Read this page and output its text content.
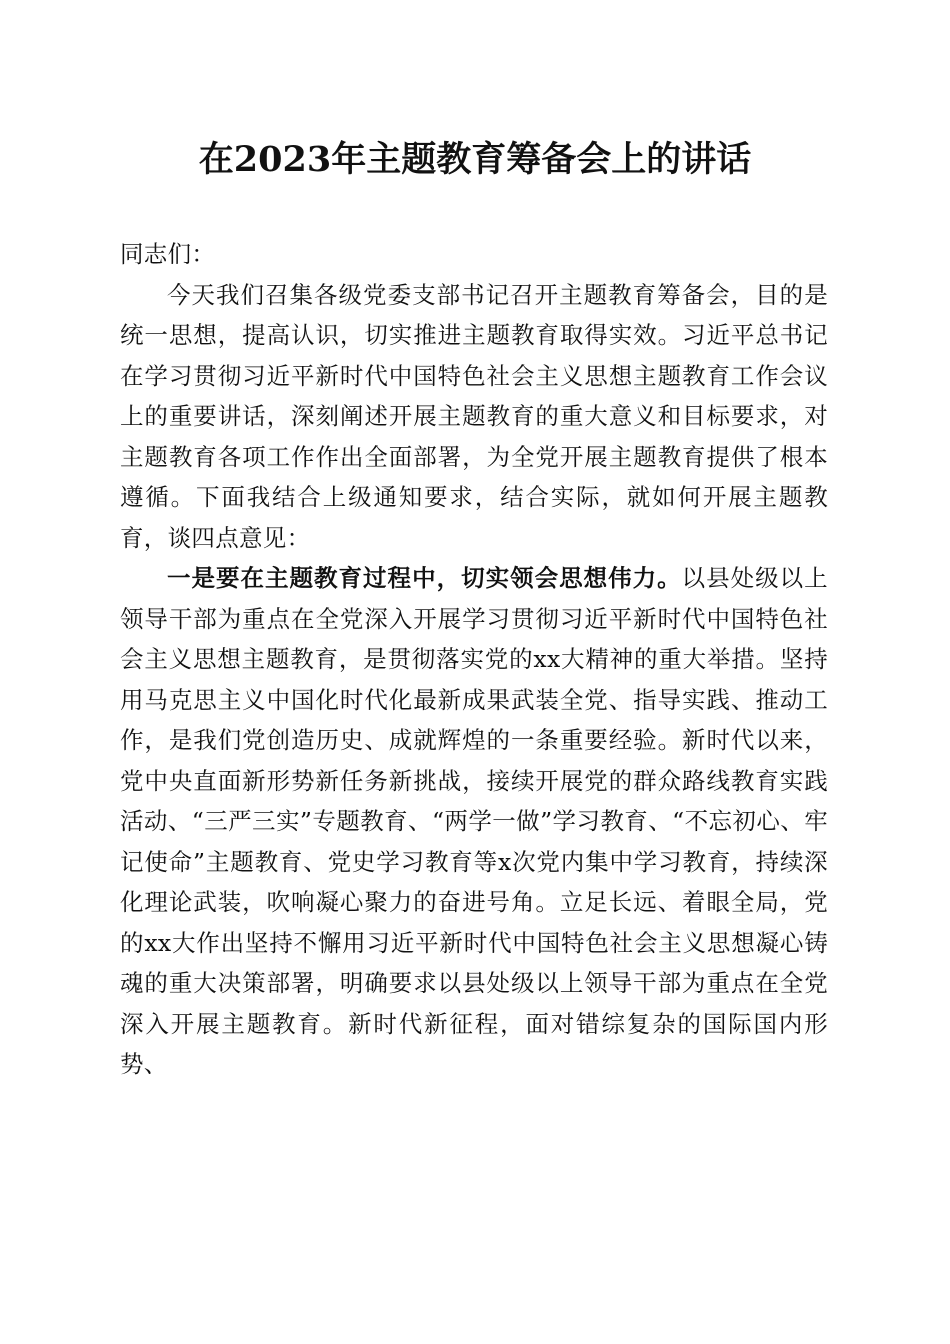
在2023年主题教育筹备会上的讲话

同志们：

今天我们召集各级党委支部书记召开主题教育筹备会，目的是统一思想，提高认识，切实推进主题教育取得实效。习近平总书记在学习贯彻习近平新时代中国特色社会主义思想主题教育工作会议上的重要讲话，深刻阐述开展主题教育的重大意义和目标要求，对主题教育各项工作作出全面部署，为全党开展主题教育提供了根本遵循。下面我结合上级通知要求，结合实际，就如何开展主题教育，谈四点意见：

一是要在主题教育过程中，切实领会思想伟力。以县处级以上领导干部为重点在全党深入开展学习贯彻习近平新时代中国特色社会主义思想主题教育，是贯彻落实党的xx大精神的重大举措。坚持用马克思主义中国化时代化最新成果武装全党、指导实践、推动工作，是我们党创造历史、成就辉煌的一条重要经验。新时代以来，党中央直面新形势新任务新挑战，接续开展党的群众路线教育实践活动、“三严三实”专题教育、“两学一做”学习教育、“不忘初心、牢记使命”主题教育、党史学习教育等x次党内集中学习教育，持续深化理论武装，吹响凝心聚力的奋进号角。立足长远、着眼全局，党的xx大作出坚持不懈用习近平新时代中国特色社会主义思想凝心铸魂的重大决策部署，明确要求以县处级以上领导干部为重点在全党深入开展主题教育。新时代新征程，面对错综复杂的国际国内形势、
